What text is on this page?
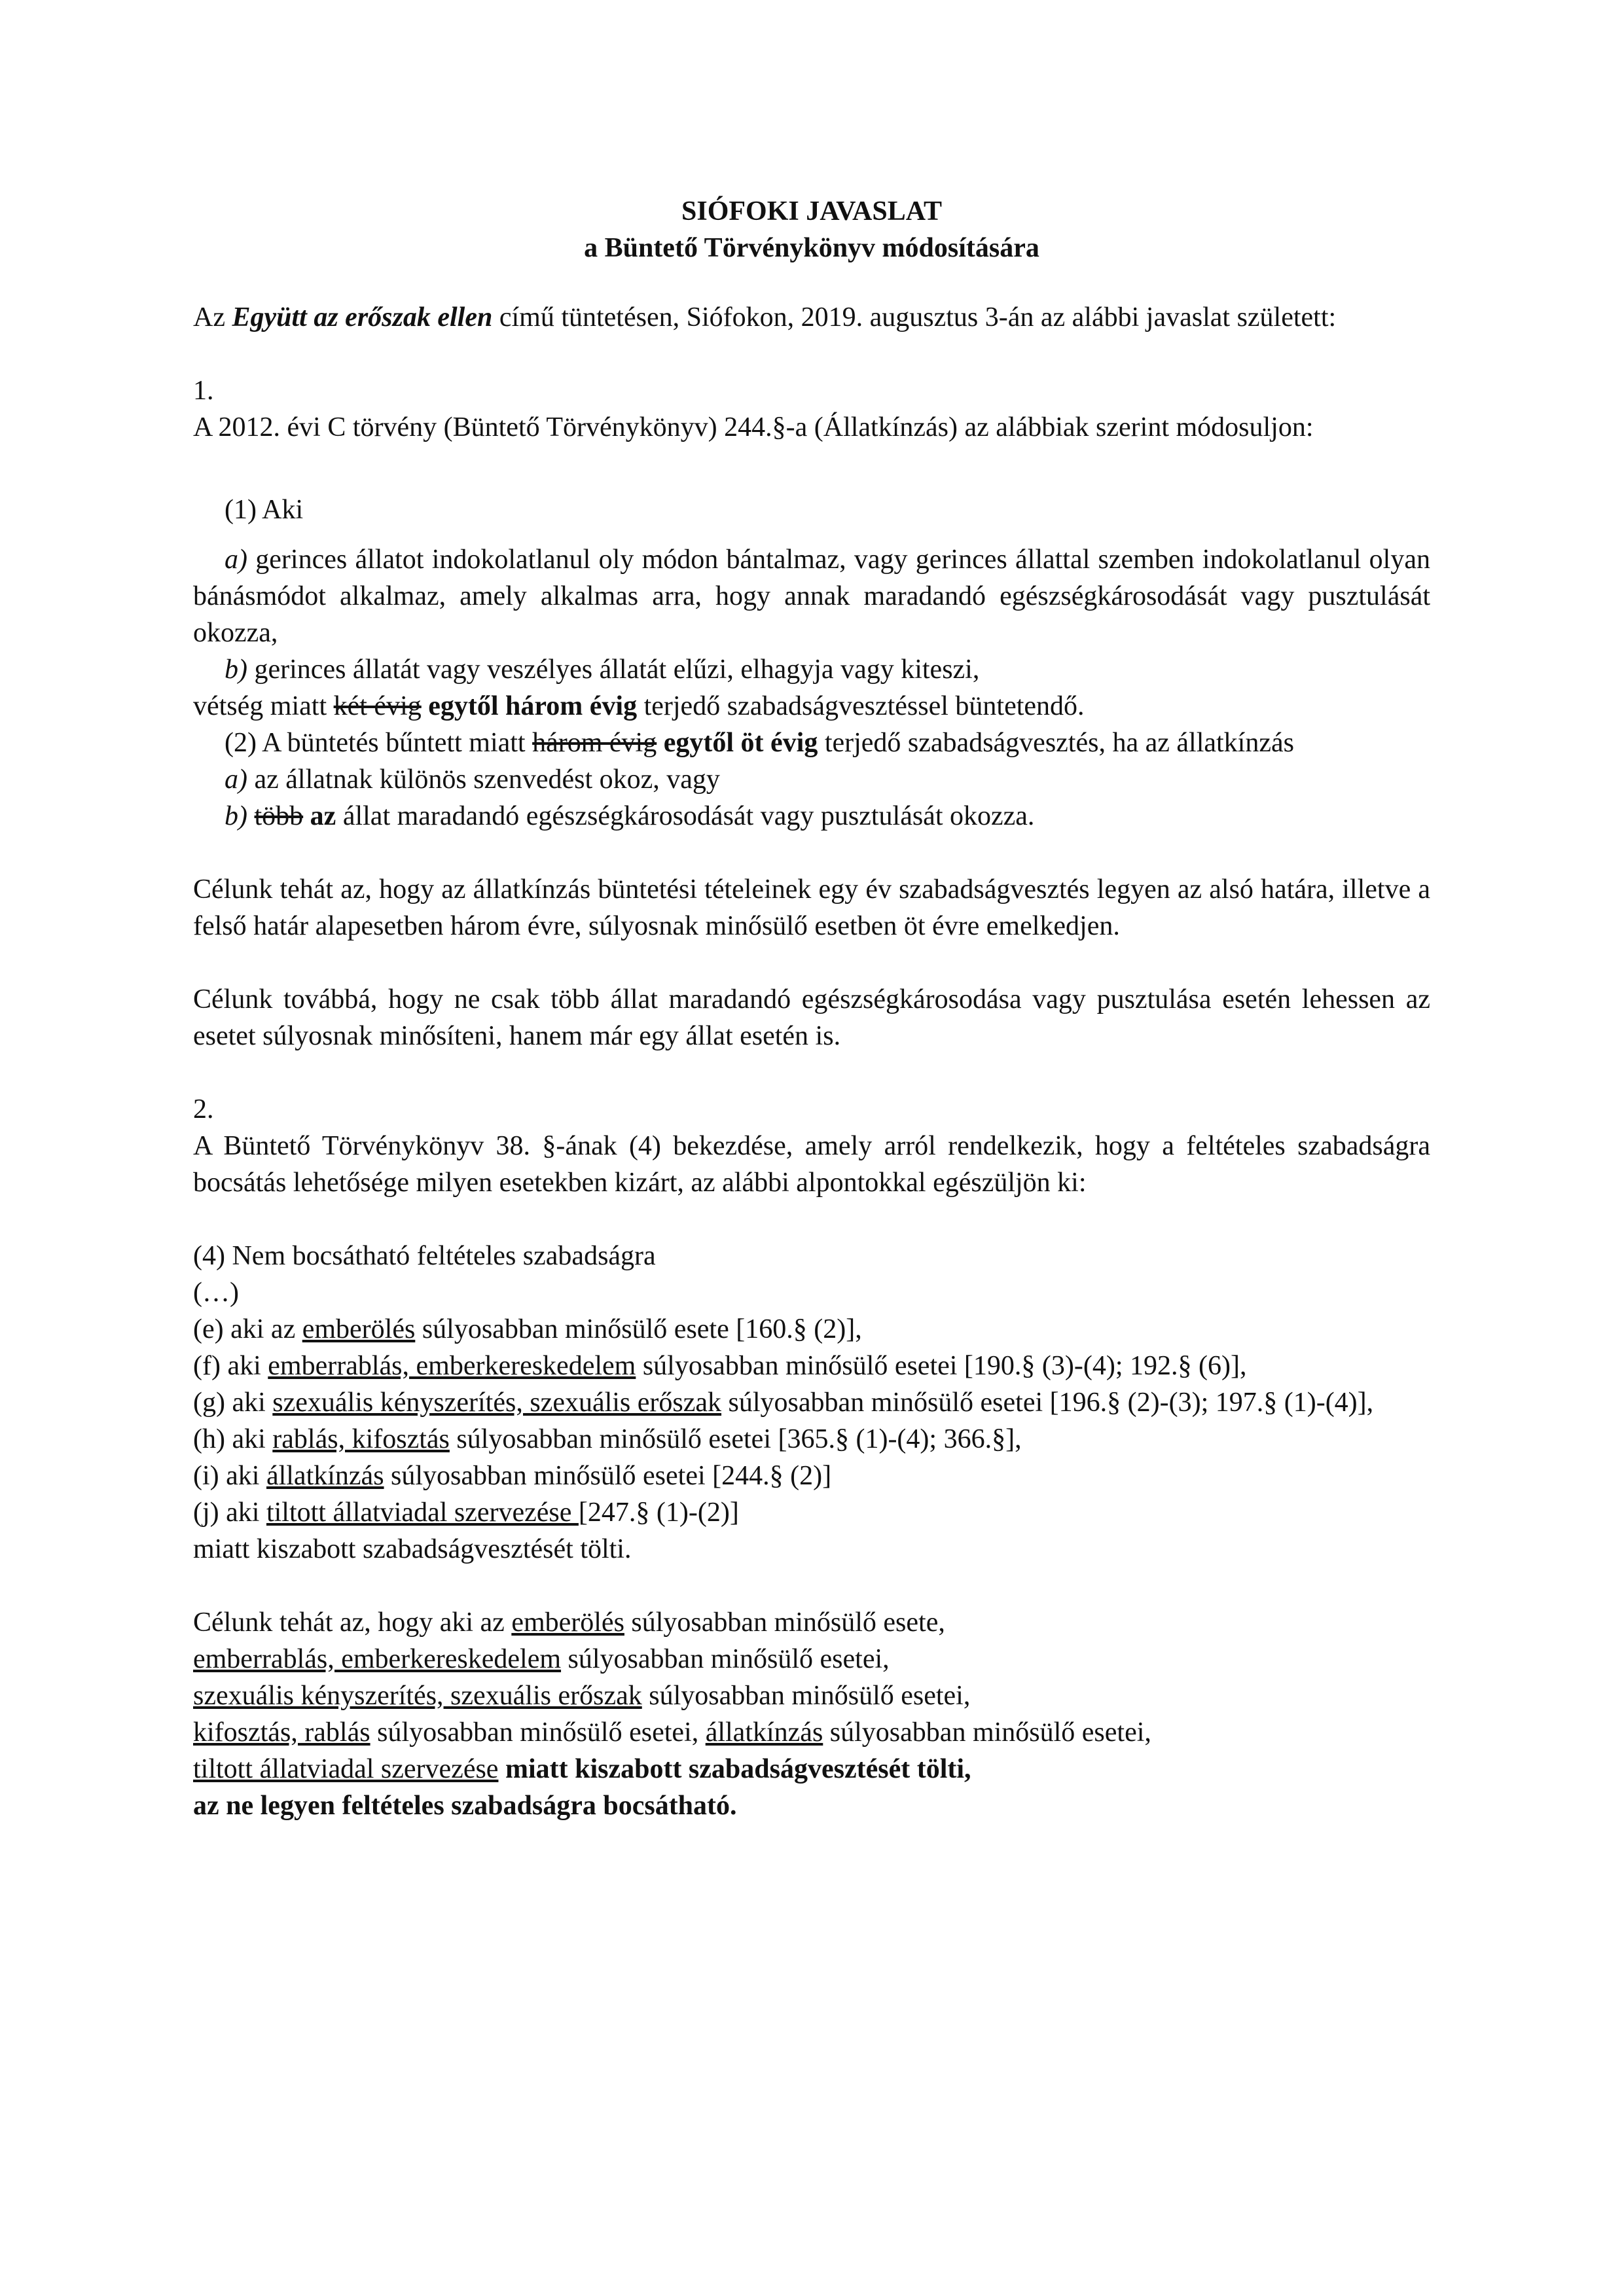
SIÓFOKI JAVASLAT
a Büntető Törvénykönyv módosítására

Az Együtt az erőszak ellen című tüntetésen, Siófokon, 2019. augusztus 3-án az alábbi javaslat született:

1.

A 2012. évi C törvény (Büntető Törvénykönyv) 244.§-a (Állatkínzás) az alábbiak szerint módosuljon:

(1) Aki

a) gerinces állatot indokolatlanul oly módon bántalmaz, vagy gerinces állattal szemben indokolatlanul olyan bánásmódot alkalmaz, amely alkalmas arra, hogy annak maradandó egészségkárosodását vagy pusztulását okozza,

b) gerinces állatát vagy veszélyes állatát elűzi, elhagyja vagy kiteszi,

vétség miatt két évig egytől három évig terjedő szabadságvesztéssel büntetendő.

(2) A büntetés bűntett miatt három évig egytől öt évig terjedő szabadságvesztés, ha az állatkínzás

a) az állatnak különös szenvedést okoz, vagy

b) több az állat maradandó egészségkárosodását vagy pusztulását okozza.

Célunk tehát az, hogy az állatkínzás büntetési tételeinek egy év szabadságvesztés legyen az alsó határa, illetve a felső határ alapesetben három évre, súlyosnak minősülő esetben öt évre emelkedjen.

Célunk továbbá, hogy ne csak több állat maradandó egészségkárosodása vagy pusztulása esetén lehessen az esetet súlyosnak minősíteni, hanem már egy állat esetén is.

2.

A Büntető Törvénykönyv 38. §-ának (4) bekezdése, amely arról rendelkezik, hogy a feltételes szabadságra bocsátás lehetősége milyen esetekben kizárt, az alábbi alpontokkal egészüljön ki:

(4) Nem bocsátható feltételes szabadságra

(…)

(e) aki az emberölés súlyosabban minősülő esete [160.§ (2)],

(f) aki emberrablás, emberkereskedelem súlyosabban minősülő esetei [190.§ (3)-(4); 192.§ (6)],

(g) aki szexuális kényszerítés, szexuális erőszak súlyosabban minősülő esetei [196.§ (2)-(3); 197.§ (1)-(4)],

(h) aki rablás, kifosztás súlyosabban minősülő esetei [365.§ (1)-(4); 366.§],

(i) aki állatkínzás súlyosabban minősülő esetei [244.§ (2)]

(j) aki tiltott állatviadal szervezése [247.§ (1)-(2)]

miatt kiszabott szabadságvesztését tölti.

Célunk tehát az, hogy aki az emberölés súlyosabban minősülő esete,

emberrablás, emberkereskedelem súlyosabban minősülő esetei,

szexuális kényszerítés, szexuális erőszak súlyosabban minősülő esetei,

kifosztás, rablás súlyosabban minősülő esetei, állatkínzás súlyosabban minősülő esetei,

tiltott állatviadal szervezése miatt kiszabott szabadságvesztését tölti,

az ne legyen feltételes szabadságra bocsátható.
